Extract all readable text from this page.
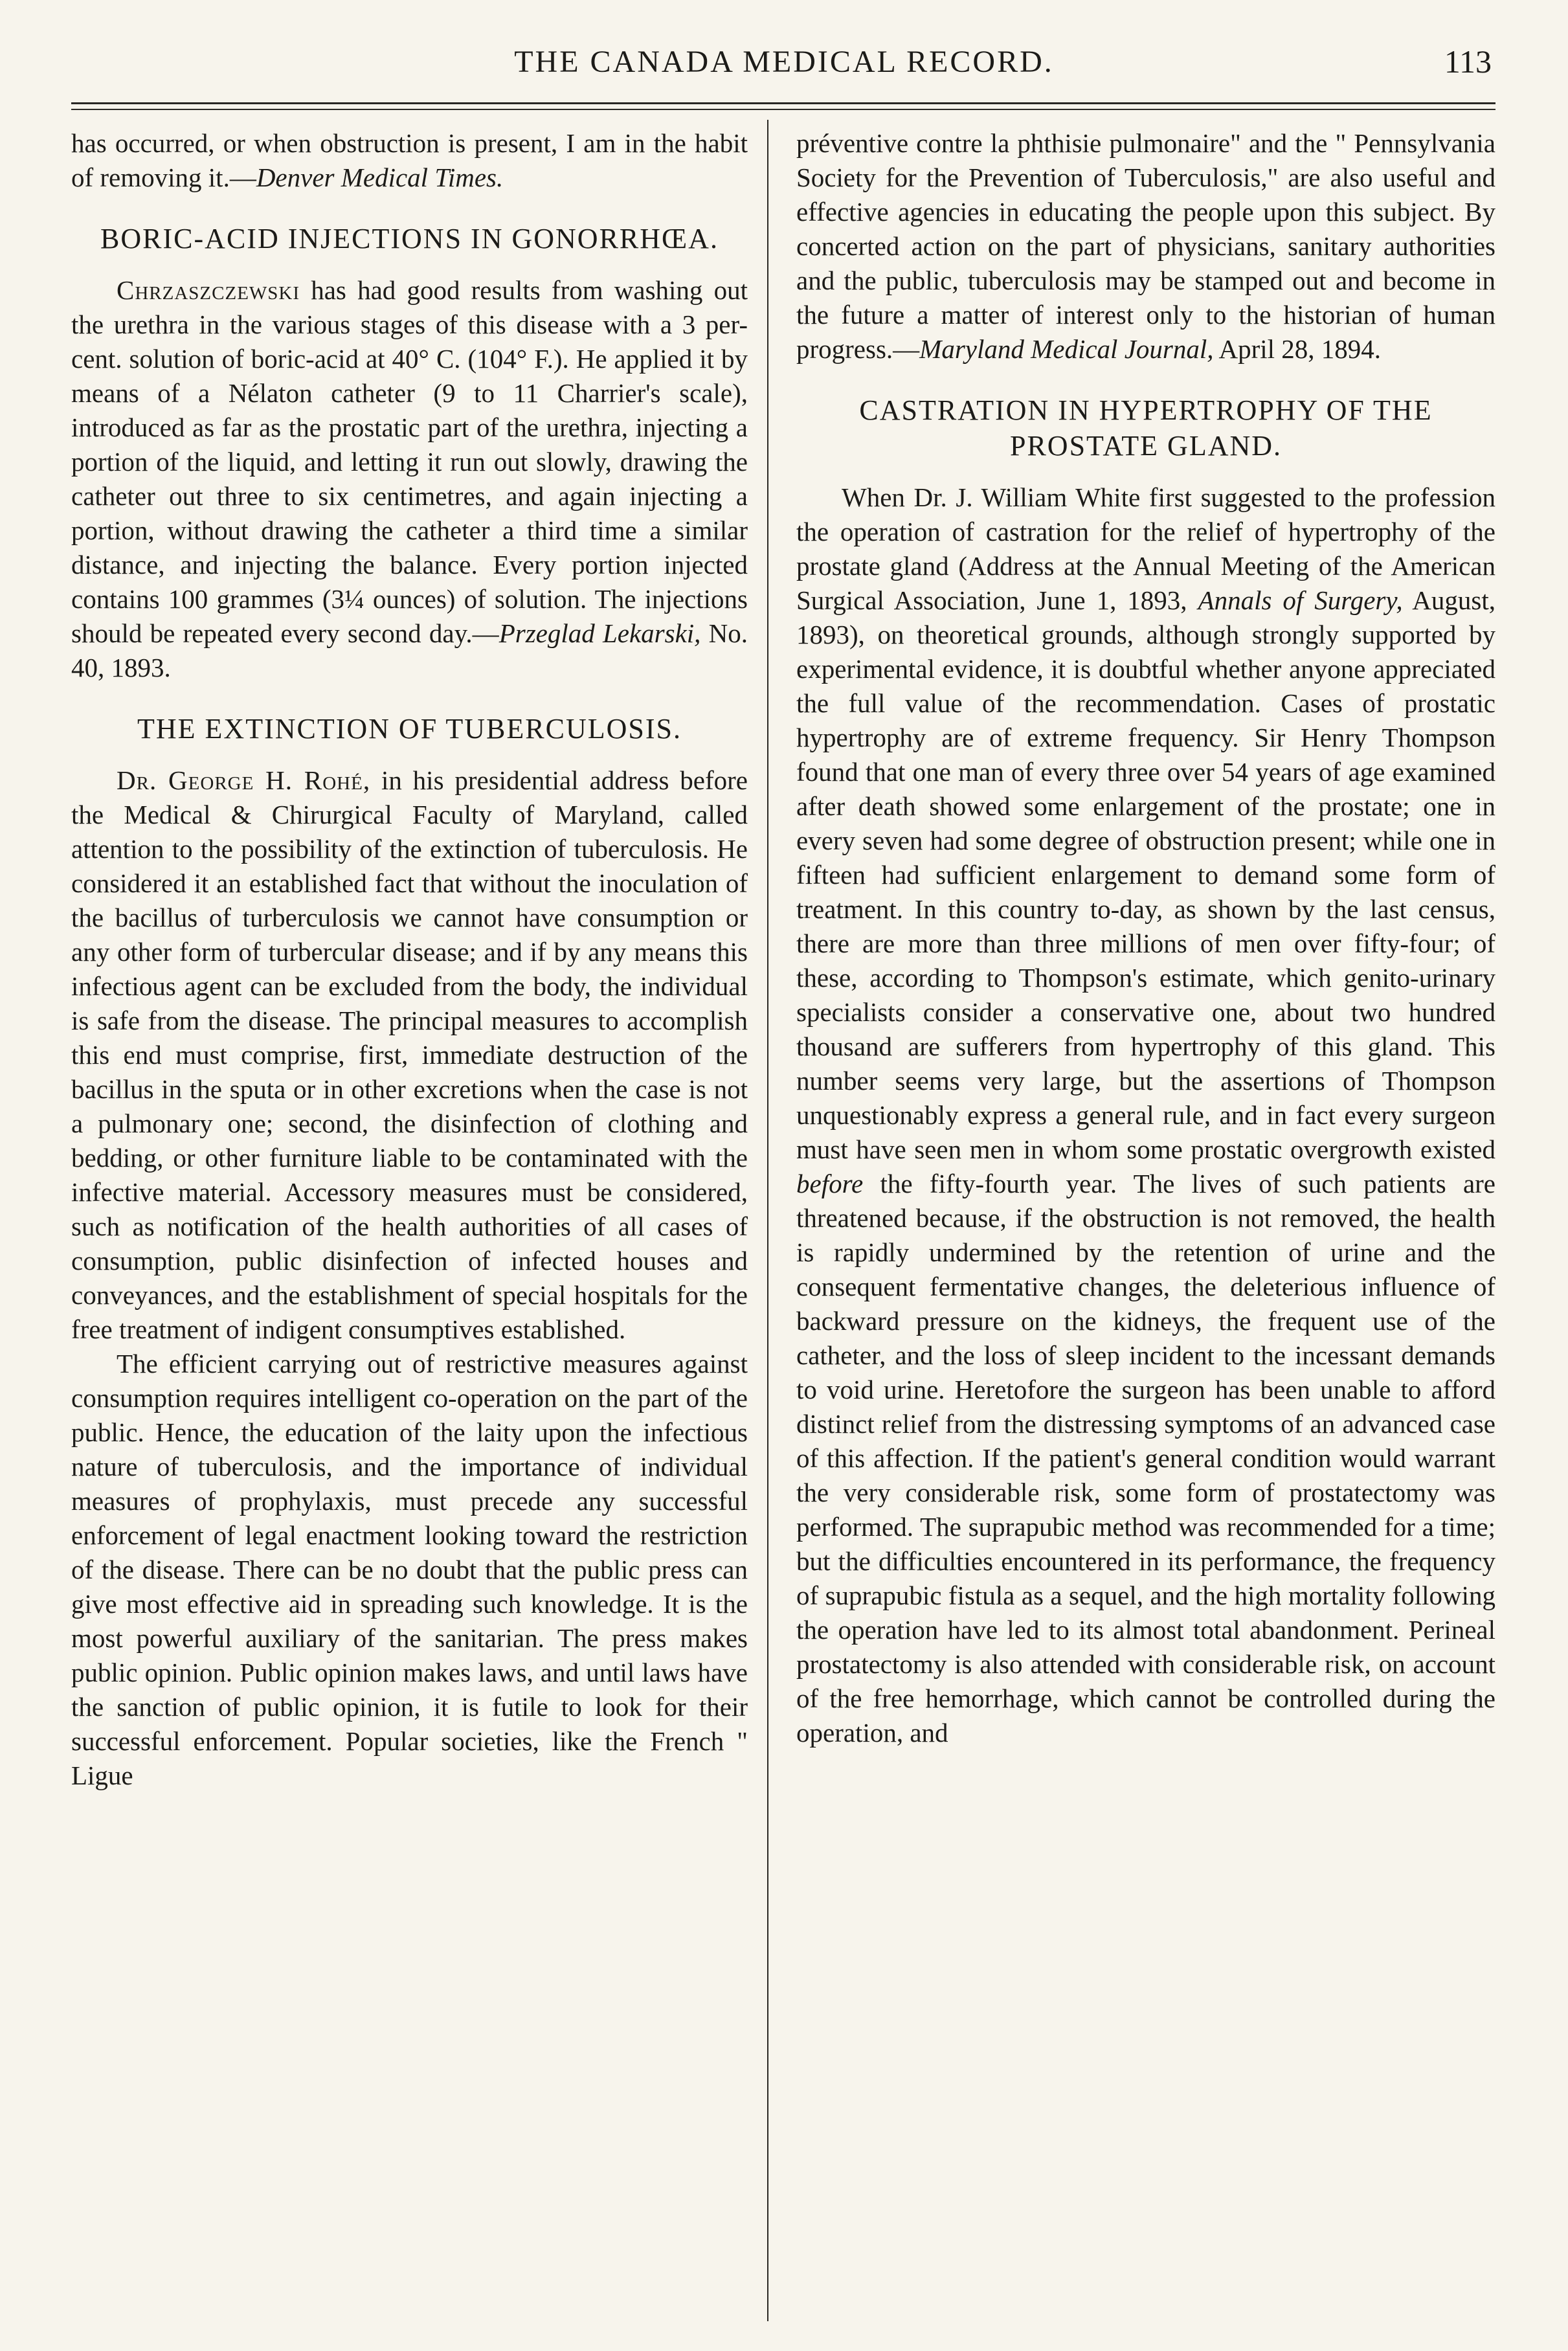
THE CANADA MEDICAL RECORD.	113

has occurred, or when obstruction is present, I am in the habit of removing it.—Denver Medical Times.

BORIC-ACID INJECTIONS IN GONORRHŒA.

Chrzaszczewski has had good results from washing out the urethra in the various stages of this disease with a 3 per-cent. solution of boric-acid at 40° C. (104° F.). He applied it by means of a Nélaton catheter (9 to 11 Charrier's scale), introduced as far as the prostatic part of the urethra, injecting a portion of the liquid, and letting it run out slowly, drawing the catheter out three to six centimetres, and again injecting a portion, without drawing the catheter a third time a similar distance, and injecting the balance. Every portion injected contains 100 grammes (3¼ ounces) of solution. The injections should be repeated every second day.—Przeglad Lekarski, No. 40, 1893.

THE EXTINCTION OF TUBERCULOSIS.

Dr. George H. Rohé, in his presidential address before the Medical & Chirurgical Faculty of Maryland, called attention to the possibility of the extinction of tuberculosis. He considered it an established fact that without the inoculation of the bacillus of turberculosis we cannot have consumption or any other form of turbercular disease; and if by any means this infectious agent can be excluded from the body, the individual is safe from the disease. The principal measures to accomplish this end must comprise, first, immediate destruction of the bacillus in the sputa or in other excretions when the case is not a pulmonary one; second, the disinfection of clothing and bedding, or other furniture liable to be contaminated with the infective material. Accessory measures must be considered, such as notification of the health authorities of all cases of consumption, public disinfection of infected houses and conveyances, and the establishment of special hospitals for the free treatment of indigent consumptives established.

The efficient carrying out of restrictive measures against consumption requires intelligent co-operation on the part of the public. Hence, the education of the laity upon the infectious nature of tuberculosis, and the importance of individual measures of prophylaxis, must precede any successful enforcement of legal enactment looking toward the restriction of the disease. There can be no doubt that the public press can give most effective aid in spreading such knowledge. It is the most powerful auxiliary of the sanitarian. The press makes public opinion. Public opinion makes laws, and until laws have the sanction of public opinion, it is futile to look for their successful enforcement. Popular societies, like the French " Ligue

préventive contre la phthisie pulmonaire" and the " Pennsylvania Society for the Prevention of Tuberculosis," are also useful and effective agencies in educating the people upon this subject. By concerted action on the part of physicians, sanitary authorities and the public, tuberculosis may be stamped out and become in the future a matter of interest only to the historian of human progress.—Maryland Medical Journal, April 28, 1894.

CASTRATION IN HYPERTROPHY OF THE PROSTATE GLAND.

When Dr. J. William White first suggested to the profession the operation of castration for the relief of hypertrophy of the prostate gland (Address at the Annual Meeting of the American Surgical Association, June 1, 1893, Annals of Surgery, August, 1893), on theoretical grounds, although strongly supported by experimental evidence, it is doubtful whether anyone appreciated the full value of the recommendation. Cases of prostatic hypertrophy are of extreme frequency. Sir Henry Thompson found that one man of every three over 54 years of age examined after death showed some enlargement of the prostate; one in every seven had some degree of obstruction present; while one in fifteen had sufficient enlargement to demand some form of treatment. In this country to-day, as shown by the last census, there are more than three millions of men over fifty-four; of these, according to Thompson's estimate, which genito-urinary specialists consider a conservative one, about two hundred thousand are sufferers from hypertrophy of this gland. This number seems very large, but the assertions of Thompson unquestionably express a general rule, and in fact every surgeon must have seen men in whom some prostatic overgrowth existed before the fifty-fourth year. The lives of such patients are threatened because, if the obstruction is not removed, the health is rapidly undermined by the retention of urine and the consequent fermentative changes, the deleterious influence of backward pressure on the kidneys, the frequent use of the catheter, and the loss of sleep incident to the incessant demands to void urine. Heretofore the surgeon has been unable to afford distinct relief from the distressing symptoms of an advanced case of this affection. If the patient's general condition would warrant the very considerable risk, some form of prostatectomy was performed. The suprapubic method was recommended for a time; but the difficulties encountered in its performance, the frequency of suprapubic fistula as a sequel, and the high mortality following the operation have led to its almost total abandonment. Perineal prostatectomy is also attended with considerable risk, on account of the free hemorrhage, which cannot be controlled during the operation, and
